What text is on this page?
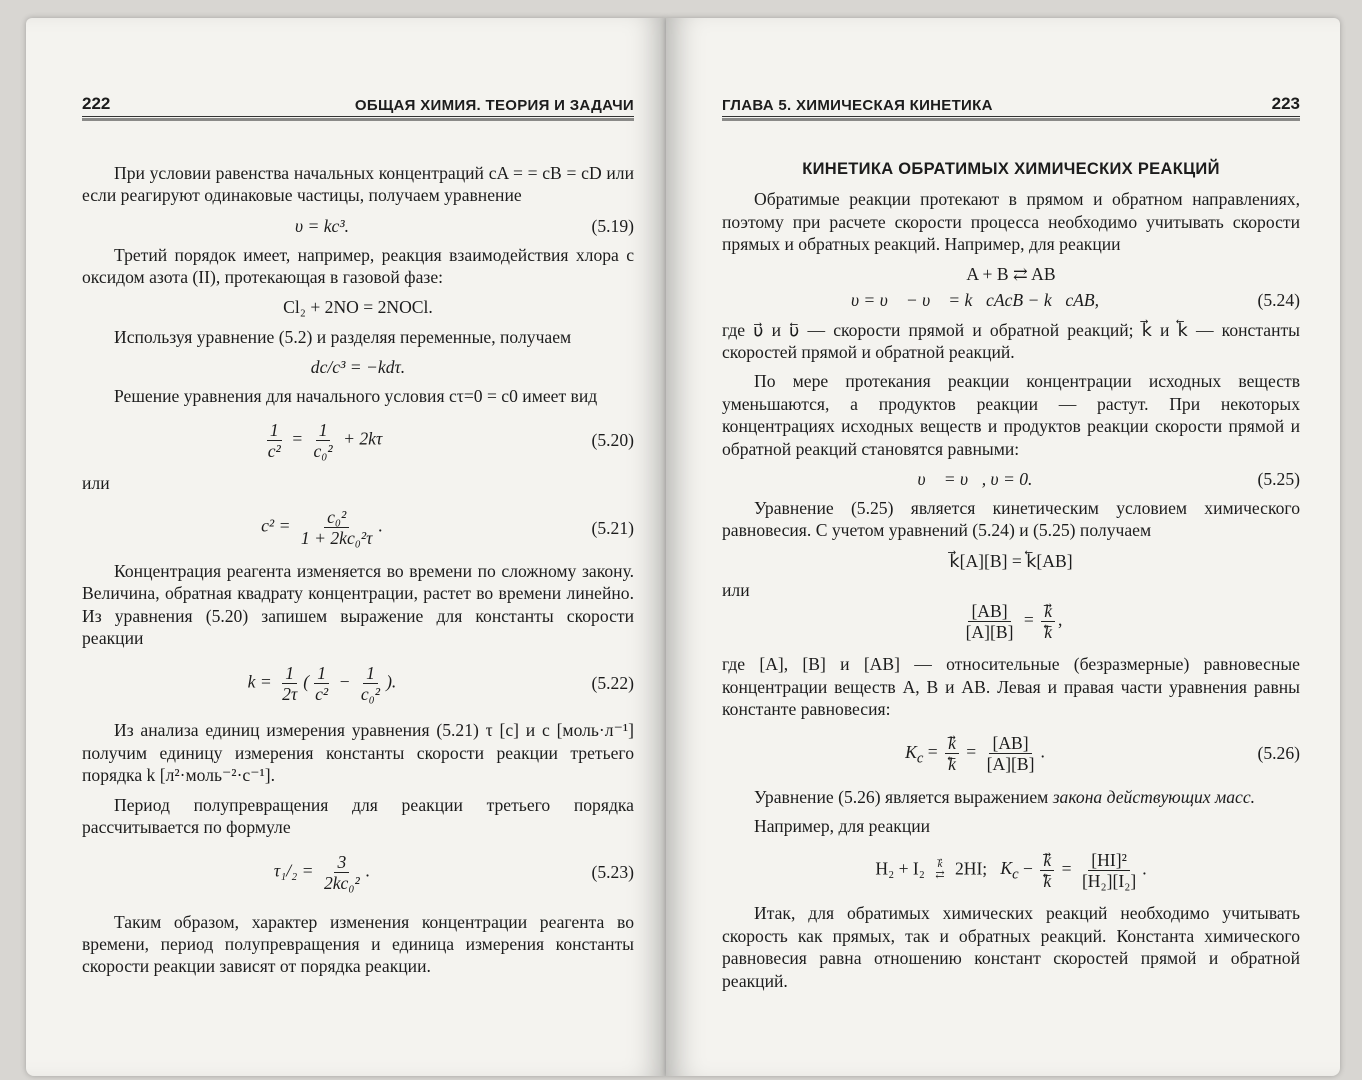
222	ОБЩАЯ ХИМИЯ. ТЕОРИЯ И ЗАДАЧИ

При условии равенства начальных концентраций cA = = cB = cD или если реагируют одинаковые частицы, получаем уравнение

υ = kc³.	(5.19)

Третий порядок имеет, например, реакция взаимодействия хлора с оксидом азота (II), протекающая в газовой фазе:

Cl₂ + 2NO = 2NOCl.

Используя уравнение (5.2) и разделяя переменные, получаем

dc/c³ = −kdτ.

Решение уравнения для начального условия cτ=0 = c0 имеет вид

$\frac{1}{\text{c²}} = \frac{1}{\text{c₀²}} + 2k\tau$	(5.20)

или

$c^2 = \frac{\text{c₀²}}{\text{1 + 2kc₀²τ}}$ .	(5.21)

Концентрация реагента изменяется во времени по сложному закону. Величина, обратная квадрату концентрации, растет во времени линейно. Из уравнения (5.20) запишем выражение для константы скорости реакции

$k = \frac{1}{2\tau}$ ( $\frac{1}{\text{c²}} - \frac{1}{\text{c₀²}}$ ).	(5.22)

Из анализа единиц измерения уравнения (5.21) τ [с] и c [моль·л⁻¹] получим единицу измерения константы скорости реакции третьего порядка k [л²·моль⁻²·с⁻¹].

Период полупревращения для реакции третьего порядка рассчитывается по формуле

$\tau_1/_2 = \frac{3}{\text{2kc₀²}}$ .	(5.23)

Таким образом, характер изменения концентрации реагента во времени, период полупревращения и единица измерения константы скорости реакции зависят от порядка реакции.

ГЛАВА 5. ХИМИЧЕСКАЯ КИНЕТИКА	223
КИНЕТИКА ОБРАТИМЫХ ХИМИЧЕСКИХ РЕАКЦИЙ

Обратимые реакции протекают в прямом и обратном направлениях, поэтому при расчете скорости процесса необходимо учитывать скорости прямых и обратных реакций. Например, для реакции

A + B ⇄ AB
υ = υ⃗ − υ⃖ = k⃗cAcB − k⃖cAB,	(5.24)

где υ⃗ и υ⃖ — скорости прямой и обратной реакций; k⃗ и k⃖ — константы скоростей прямой и обратной реакций.

По мере протекания реакции концентрации исходных веществ уменьшаются, а продуктов реакции — растут. При некоторых концентрациях исходных веществ и продуктов реакции скорости прямой и обратной реакций становятся равными:

υ⃗ = υ⃖, υ = 0.	(5.25)

Уравнение (5.25) является кинетическим условием химического равновесия. С учетом уравнений (5.24) и (5.25) получаем

k⃗[A][B] = k⃖[AB]

или

$\frac{[AB]}{[A][B]} = \frac{k}{k}$ ,

где [A], [B] и [AB] — относительные (безразмерные) равновесные концентрации веществ A, B и AB. Левая и правая части уравнения равны константе равновесия:

$K_c = \frac{k}{k} = \frac{[AB]}{[A][B]}$ .	(5.26)

Уравнение (5.26) является выражением закона действующих масс.

Например, для реакции

H₂ + I₂ k
⇄ 2HI;   $K_c - \frac{k}{k} = \frac{\text{[HI]²}}{\text{[H₂][I₂]}}$ .

Итак, для обратимых химических реакций необходимо учитывать скорость как прямых, так и обратных реакций. Константа химического равновесия равна отношению констант скоростей прямой и обратной реакций.
